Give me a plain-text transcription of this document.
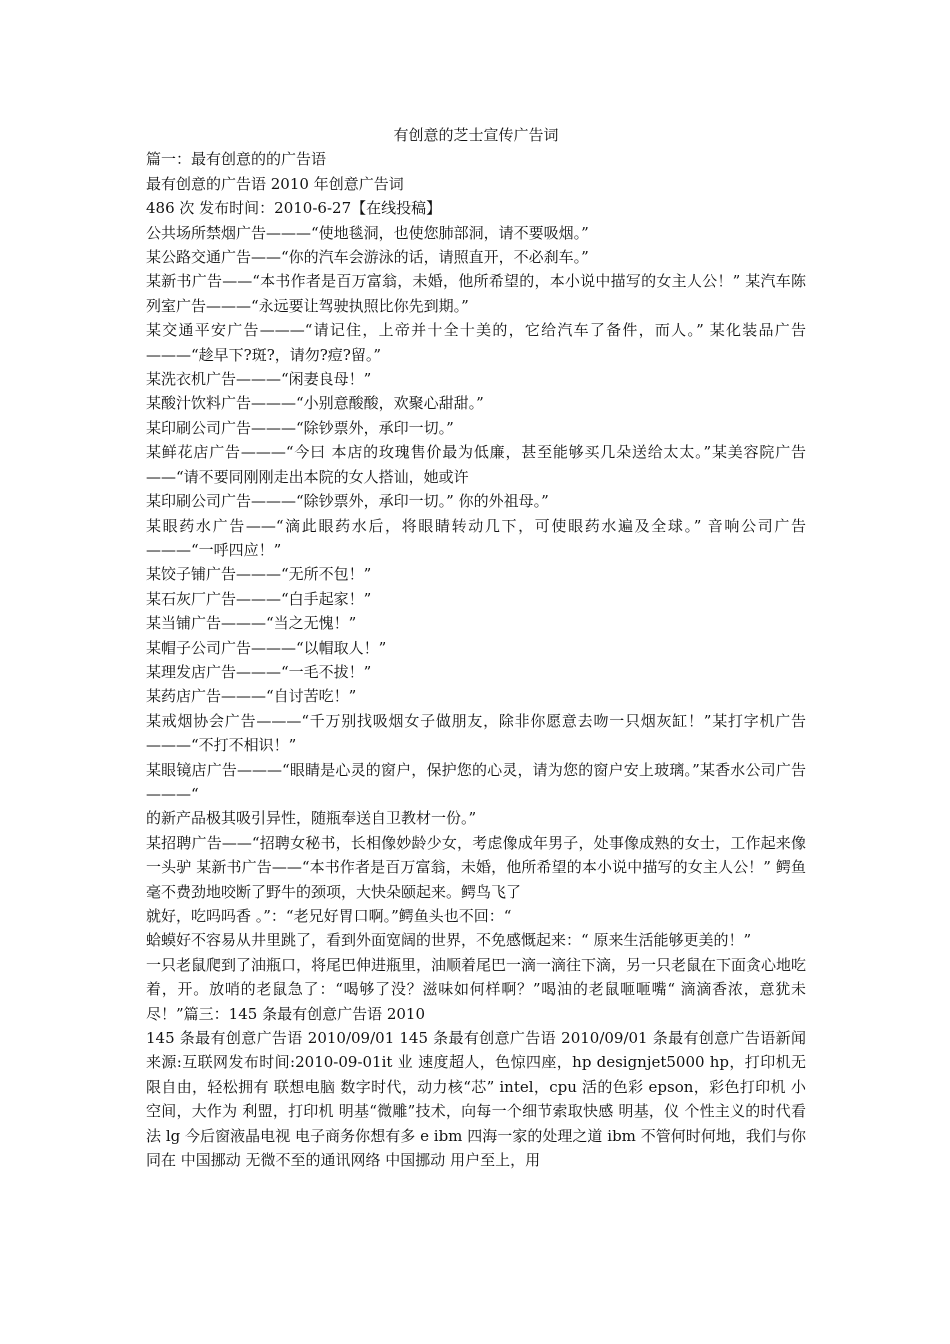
有创意的芝士宣传广告词

篇一：最有创意的的广告语

最有创意的广告语 2010 年创意广告词

486 次 发布时间：2010-6-27【在线投稿】

公共场所禁烟广告———“使地毯洞，也使您肺部洞，请不要吸烟。”

某公路交通广告——“你的汽车会游泳的话，请照直开，不必刹车。”

某新书广告——“本书作者是百万富翁，未婚，他所希望的，本小说中描写的女主人公！” 某汽车陈列室广告———“永远要让驾驶执照比你先到期。”

某交通平安广告———“请记住，上帝并十全十美的，它给汽车了备件，而人。” 某化装品广告———“趁早下?斑?，请勿?痘?留。”

某洗衣机广告———“闲妻良母！”

某酸汁饮料广告———“小别意酸酸，欢聚心甜甜。”

某印刷公司广告———“除钞票外，承印一切。”

某鲜花店广告———“今曰 本店的玫瑰售价最为低廉，甚至能够买几朵送给太太。”某美容院广告——“请不要同刚刚走出本院的女人搭讪，她或许

某印刷公司广告———“除钞票外，承印一切。” 你的外祖母。”

某眼药水广告——“滴此眼药水后，将眼睛转动几下，可使眼药水遍及全球。” 音响公司广告———“一呼四应！”

某饺子铺广告———“无所不包！”

某石灰厂广告———“白手起家！”

某当铺广告———“当之无愧！”

某帽子公司广告———“以帽取人！”

某理发店广告———“一毛不拔！”

某药店广告———“自讨苦吃！”

某戒烟协会广告———“千万别找吸烟女子做朋友，除非你愿意去吻一只烟灰缸！”某打字机广告———“不打不相识！”

某眼镜店广告———“眼睛是心灵的窗户，保护您的心灵，请为您的窗户安上玻璃。”某香水公司广告———“

的新产品极其吸引异性，随瓶奉送自卫教材一份。”

某招聘广告——“招聘女秘书，长相像妙龄少女，考虑像成年男子，处事像成熟的女士，工作起来像一头驴 某新书广告——“本书作者是百万富翁，未婚，他所希望的本小说中描写的女主人公！” 鳄鱼毫不费劲地咬断了野牛的颈项，大快朵颐起来。鳄鸟飞了

就好，吃吗吗香 。”：“老兄好胃口啊。”鳄鱼头也不回：“

蛤蟆好不容易从井里跳了，看到外面宽阔的世界，不免感慨起来：“ 原来生活能够更美的！”

一只老鼠爬到了油瓶口，将尾巴伸进瓶里，油顺着尾巴一滴一滴往下滴，另一只老鼠在下面贪心地吃着，开。放哨的老鼠急了：“喝够了没？滋味如何样啊？”喝油的老鼠咂咂嘴“ 滴滴香浓，意犹未尽！”篇三：145 条最有创意广告语 2010

145 条最有创意广告语 2010/09/01 145 条最有创意广告语 2010/09/01 条最有创意广告语新闻来源:互联网发布时间:2010-09-01it 业 速度超人，色惊四座，hp designjet5000 hp，打印机无限自由，轻松拥有 联想电脑 数字时代，动力核“芯” intel，cpu 活的色彩 epson，彩色打印机 小空间，大作为 利盟，打印机 明基“微雕”技术，向每一个细节索取快感 明基，仪 个性主义的时代看法 lg 今后窗液晶电视 电子商务你想有多 e ibm 四海一家的处理之道 ibm 不管何时何地，我们与你同在 中国挪动 无微不至的通讯网络 中国挪动 用户至上，用
